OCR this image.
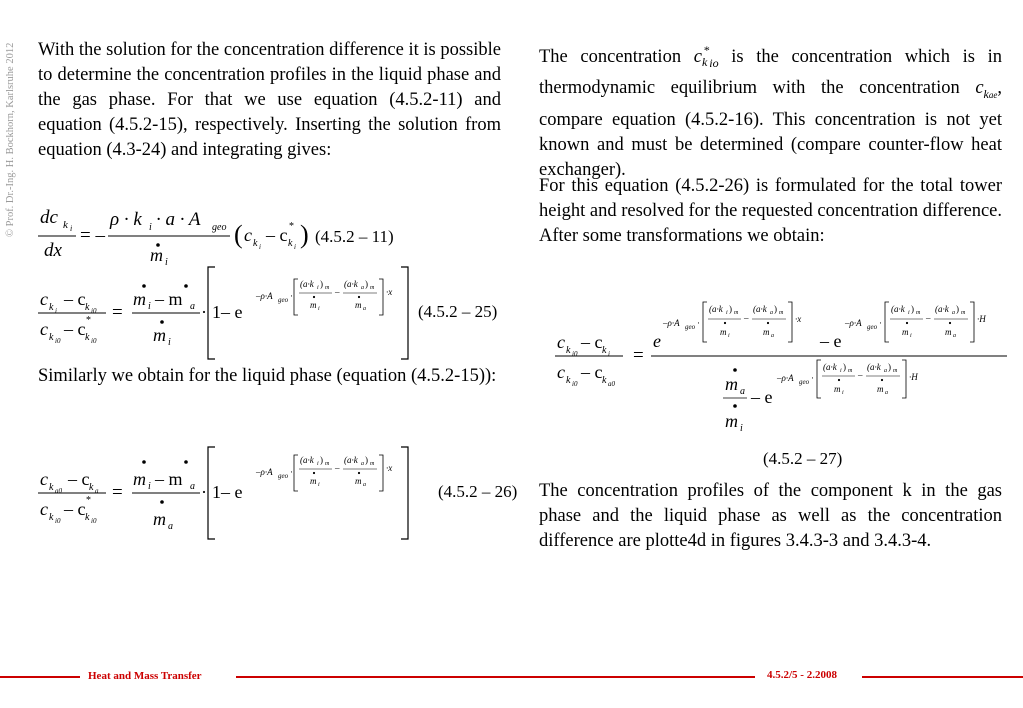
© Prof. Dr.-Ing. H. Bockhorn, Karlsruhe 2012 With the solution for the concentration difference it is possible to determine the concentration profiles in the liquid phase and the gas phase. For that we use equation (4.5.2-11) and equation (4.5.2-15), respectively. Inserting the solution from equation (4.3-24) and integrating gives:

dc k i
dx
= –
ρ · k i · a · A geo
m i
( c k i
– c *
k i ) (4.5.2 – 11)
c k i
– c k i0
c k i0
– c *
k i0
=
m i – m a
m i
· 1– e
–ρ·A geo ·
(a·k i ) m
m i
–
(a·k a ) m
m a
·x
(4.5.2 – 25)

Similarly we obtain for the liquid phase (equation (4.5.2-15)):

c k a0
– c k a
c k i0
– c *
k i0
=
m i – m a
m a
· 1– e
–ρ·A geo ·
(a·k i ) m
m i
–
(a·k a ) m
m a
·x
(4.5.2 – 26)

The concentration $c_k^*_{io}$ is the concentration which is in thermodynamic equilibrium with the concentration $c_{kae}$, compare equation (4.5.2-16). This concentration is not yet known and must be determined (compare counter-flow heat exchanger).

For this equation (4.5.2-26) is formulated for the total tower height and resolved for the requested concentration difference. After some transformations we obtain:

c k i0
– c k i
c k i0
– c k a0
=
e
–ρ·A geo ·
(a·k i ) m
m i
–
(a·k a ) m
m a
·x
– e
–ρ·A geo ·
(a·k i ) m
m i
–
(a·k a ) m
m a
·H
m a
m i
– e
–ρ·A geo ·
(a·k i ) m
m i
–
(a·k a ) m
m a
·H
(4.5.2 – 27)

The concentration profiles of the component k in the gas phase and the liquid phase as well as the concentration difference are plotte4d in figures 3.4.3-3 and 3.4.3-4.

Heat and Mass Transfer	4.5.2/5 - 2.2008
